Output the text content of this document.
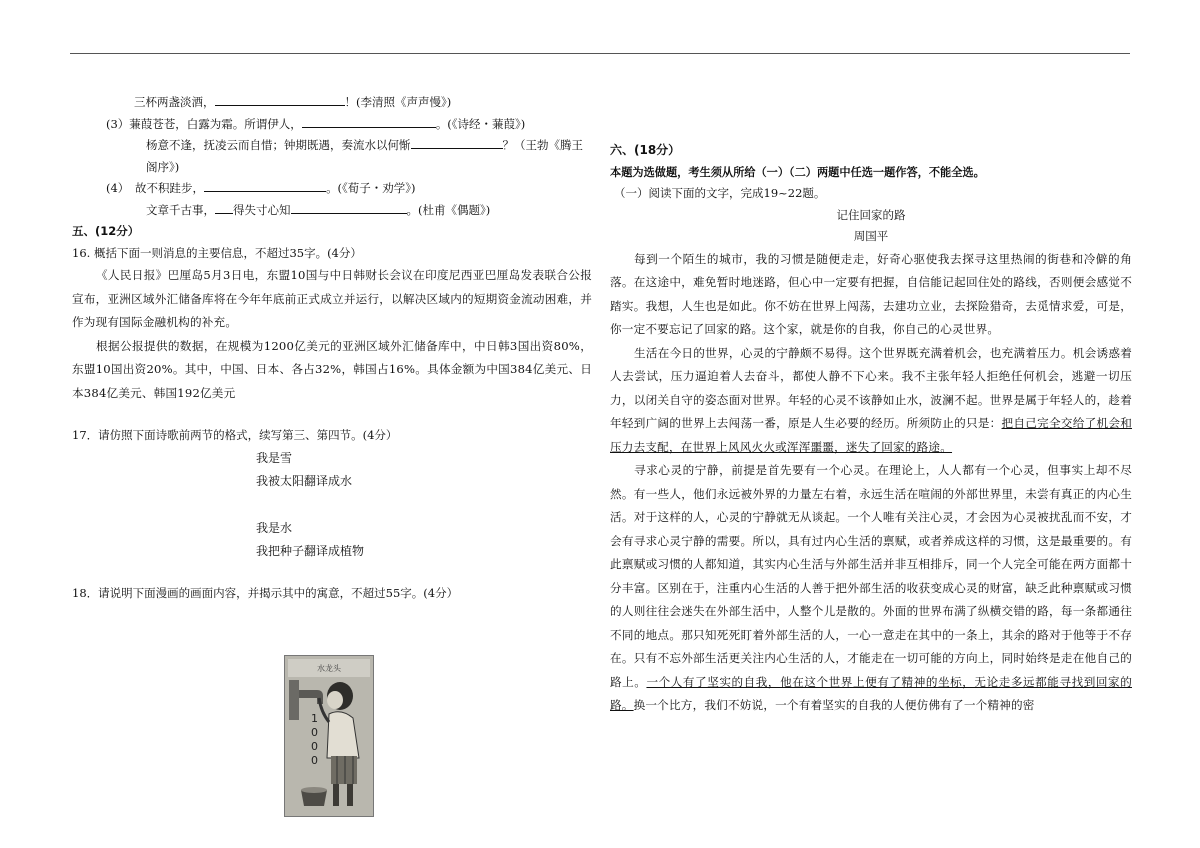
三杯两盏淡酒，	！(李清照《声声慢》)
(3）蒹葭苍苍，白露为霜。所谓伊人，	。(《诗经・蒹葭》)
杨意不逢，抚凌云而自惜；钟期既遇，奏流水以何惭	？（王勃《腾王
阁序》)
(4）　故不积跬步，	。(《荀子・劝学》)
文章千古事， 得失寸心知	。(杜甫《偶题》)
五、(12分）
16. 概括下面一则消息的主要信息，不超过35字。(4分）
《人民日报》巴厘岛5月3日电，东盟10国与中日韩财长会议在印度尼西亚巴厘岛发表联合公报宣布，亚洲区域外汇储备库将在今年年底前正式成立并运行，以解决区域内的短期资金流动困难，并作为现有国际金融机构的补充。
根据公报提供的数据，在规模为1200亿美元的亚洲区域外汇储备库中，中日韩3国出资80%，东盟10国出资20%。其中，中国、日本、各占32%，韩国占16%。具体金额为中国384亿美元、日本384亿美元、韩国192亿美元
17．请仿照下面诗歌前两节的格式，续写第三、第四节。(4分）
我是雪
我被太阳翻译成水
我是水
我把种子翻译成植物
18．请说明下面漫画的画面内容，并揭示其中的寓意，不超过55字。(4分）
水龙头
1
0
0
0
六、(18分）
本题为选做题，考生须从所给（一）（二）两题中任选一题作答，不能全选。
（一）阅读下面的文字，完成19~22题。
记住回家的路
周国平
每到一个陌生的城市，我的习惯是随便走走，好奇心驱使我去探寻这里热闹的街巷和冷僻的角落。在这途中，难免暂时地迷路，但心中一定要有把握，自信能记起回住处的路线，否则便会感觉不踏实。我想，人生也是如此。你不妨在世界上闯荡，去建功立业，去探险猎奇，去觅情求爱，可是，你一定不要忘记了回家的路。这个家，就是你的自我，你自己的心灵世界。
生活在今日的世界，心灵的宁静颇不易得。这个世界既充满着机会，也充满着压力。机会诱惑着人去尝试，压力逼迫着人去奋斗，都使人静不下心来。我不主张年轻人拒绝任何机会，逃避一切压力，以闭关自守的姿态面对世界。年轻的心灵不该静如止水，波澜不起。世界是属于年轻人的，趁着年轻到广阔的世界上去闯荡一番，原是人生必要的经历。所须防止的只是：把自己完全交给了机会和压力去支配，在世界上风风火火或浑浑噩噩，迷失了回家的路途。
寻求心灵的宁静，前提是首先要有一个心灵。在理论上，人人都有一个心灵，但事实上却不尽然。有一些人，他们永远被外界的力量左右着，永远生活在喧闹的外部世界里，未尝有真正的内心生活。对于这样的人，心灵的宁静就无从谈起。一个人唯有关注心灵，才会因为心灵被扰乱而不安，才会有寻求心灵宁静的需要。所以，具有过内心生活的禀赋，或者养成这样的习惯，这是最重要的。有此禀赋或习惯的人都知道，其实内心生活与外部生活并非互相排斥，同一个人完全可能在两方面都十分丰富。区别在于，注重内心生活的人善于把外部生活的收获变成心灵的财富，缺乏此种禀赋或习惯的人则往往会迷失在外部生活中，人整个儿是散的。外面的世界布满了纵横交错的路，每一条都通往不同的地点。那只知死死盯着外部生活的人，一心一意走在其中的一条上，其余的路对于他等于不存在。只有不忘外部生活更关注内心生活的人，才能走在一切可能的方向上，同时始终是走在他自己的路上。一个人有了坚实的自我，他在这个世界上便有了精神的坐标，无论走多远都能寻找到回家的路。换一个比方，我们不妨说，一个有着坚实的自我的人便仿佛有了一个精神的密
